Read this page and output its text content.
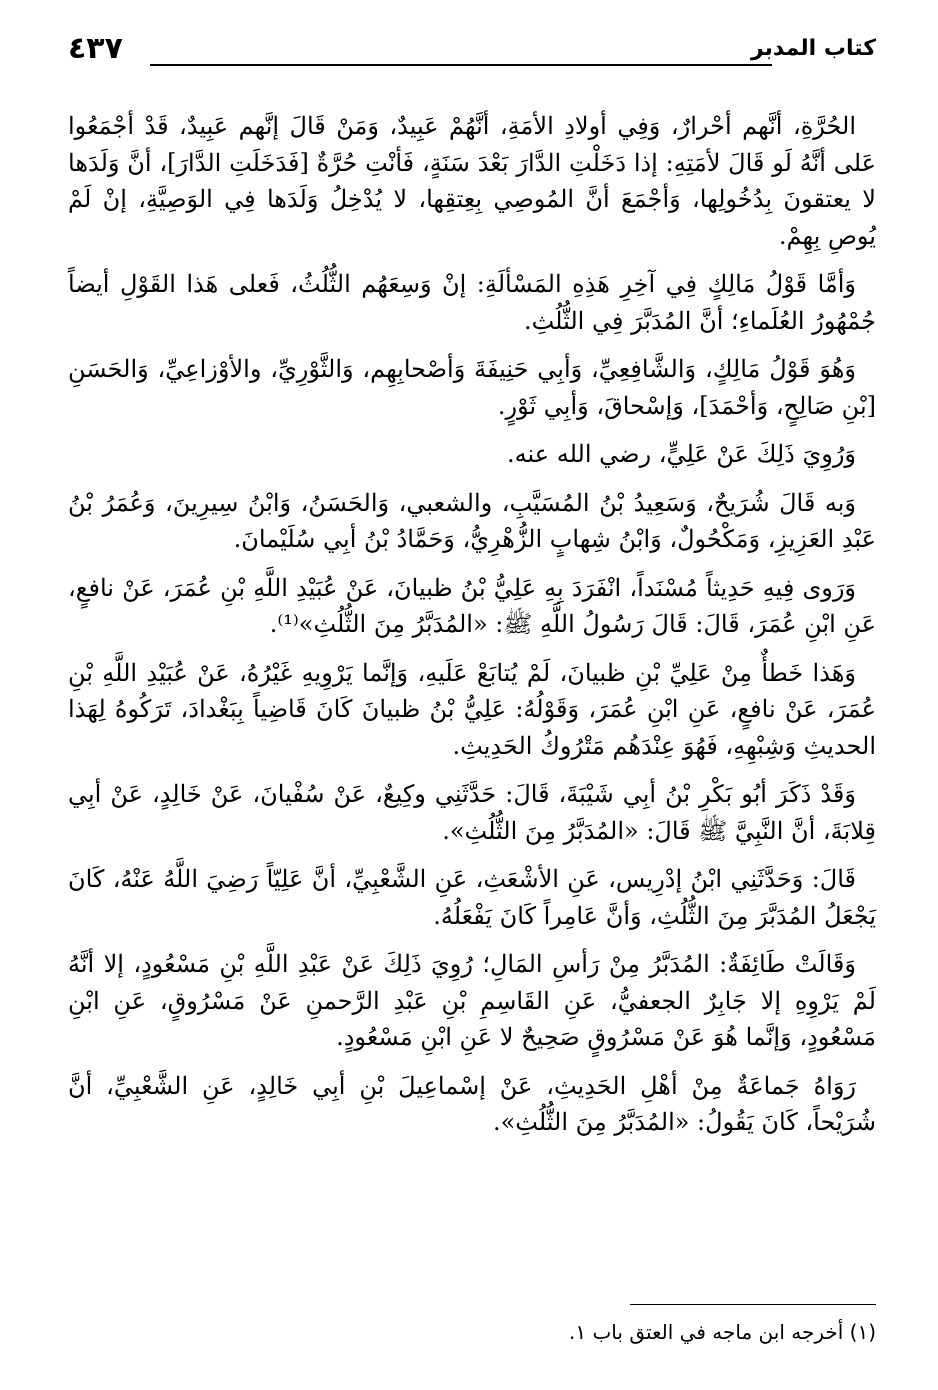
٤٣٧	كتاب المدبر

الحُرَّةِ، أنَّهم أحْرارٌ، وَفِي أولادِ الأمَةِ، أنَّهُمْ عَبِيدٌ، وَمَنْ قَالَ إنَّهم عَبِيدٌ، قَدْ أجْمَعُوا عَلى أنَّهُ لَو قَالَ لأمَتِهِ: إذا دَخَلْتِ الدَّارَ بَعْدَ سَنَةٍ، فَأنْتِ حُرَّةٌ [فَدَخَلَتِ الدَّارَ]، أنَّ وَلَدَها لا يعتقونَ بِدُخُولِها، وَأجْمَعَ أنَّ المُوصِي بِعِتقِها، لا يُدْخِلُ وَلَدَها فِي الوَصِيَّةِ، إنْ لَمْ يُوصِ بِهِمْ.

وَأمَّا قَوْلُ مَالِكٍ فِي آخِرِ هَذِهِ المَسْألَةِ: إنْ وَسِعَهُم الثُّلُثُ، فَعلى هَذا القَوْلِ أيضاً جُمْهُورُ العُلَماءِ؛ أنَّ المُدَبَّرَ فِي الثُّلُثِ.

وَهُوَ قَوْلُ مَالِكٍ، وَالشَّافِعِيِّ، وَأبِي حَنِيفَةَ وَأصْحابِهِم، وَالثَّوْرِيِّ، والأوْزاعِيِّ، وَالحَسَنِ [بْنِ صَالِحٍ، وَأحْمَدَ]، وَإسْحاقَ، وَأبِي ثَوْرٍ.

وَرُوِيَ ذَلِكَ عَنْ عَلِيٍّ، رضي الله عنه.

وَبه قَالَ شُرَيحٌ، وَسَعِيدُ بْنُ المُسَيَّبِ، والشعبي، وَالحَسَنُ، وَابْنُ سِيرِينَ، وَعُمَرُ بْنُ عَبْدِ العَزِيزِ، وَمَكْحُولٌ، وَابْنُ شِهابٍ الزُّهْرِيُّ، وَحَمَّادُ بْنُ أبِي سُلَيْمانَ.

وَرَوى فِيهِ حَدِيثاً مُسْنَداً، انْفَرَدَ بِهِ عَلِيُّ بْنُ ظبيانَ، عَنْ عُبَيْدِ اللَّهِ بْنِ عُمَرَ، عَنْ نافعٍ، عَنِ ابْنِ عُمَرَ، قَالَ: قَالَ رَسُولُ اللَّهِ ﷺ: «المُدَبَّرُ مِنَ الثُّلُثِ»⁽¹⁾.

وَهَذا خَطأٌ مِنْ عَلِيِّ بْنِ ظبيانَ، لَمْ يُتابَعْ عَلَيهِ، وَإنَّما يَرْوِيهِ غَيْرُهُ، عَنْ عُبَيْدِ اللَّهِ بْنِ عُمَرَ، عَنْ نافعٍ، عَنِ ابْنِ عُمَرَ، وَقَوْلُهُ: عَلِيُّ بْنُ ظبيانَ كَانَ قَاضِياً بِبَغْدادَ، تَرَكُوهُ لِهَذا الحديثِ وَشِبْهِهِ، فَهُوَ عِنْدَهُم مَتْرُوكُ الحَدِيثِ.

وَقَدْ ذَكَرَ أبُو بَكْرِ بْنُ أبِي شَيْبَةَ، قَالَ: حَدَّثَنِي وكِيعٌ، عَنْ سُفْيانَ، عَنْ خَالِدٍ، عَنْ أبِي قِلابَةَ، أنَّ النَّبِيَّ ﷺ قَالَ: «المُدَبَّرُ مِنَ الثُّلُثِ».

قَالَ: وَحَدَّثَنِي ابْنُ إدْرِيس، عَنِ الأشْعَثِ، عَنِ الشَّعْبِيِّ، أنَّ عَلِيّاً رَضِيَ اللَّهُ عَنْهُ، كَانَ يَجْعَلُ المُدَبَّرَ مِنَ الثُّلُثِ، وَأنَّ عَامِراً كَانَ يَفْعَلُهُ.

وَقَالَتْ طَائِفَةٌ: المُدَبَّرُ مِنْ رَأسِ المَالِ؛ رُوِيَ ذَلِكَ عَنْ عَبْدِ اللَّهِ بْنِ مَسْعُودٍ، إلا أنَّهُ لَمْ يَرْوِهِ إلا جَابِرٌ الجعفيُّ، عَنِ القَاسِمِ بْنِ عَبْدِ الرَّحمنِ عَنْ مَسْرُوقٍ، عَنِ ابْنِ مَسْعُودٍ، وَإنَّما هُوَ عَنْ مَسْرُوقٍ صَحِيحٌ لا عَنِ ابْنِ مَسْعُودٍ.

رَوَاهُ جَماعَةٌ مِنْ أهْلِ الحَدِيثِ، عَنْ إسْماعِيلَ بْنِ أبِي خَالِدٍ، عَنِ الشَّعْبِيِّ، أنَّ شُرَيْحاً، كَانَ يَقُولُ: «المُدَبَّرُ مِنَ الثُّلُثِ».

(١) أخرجه ابن ماجه في العتق باب ١.
